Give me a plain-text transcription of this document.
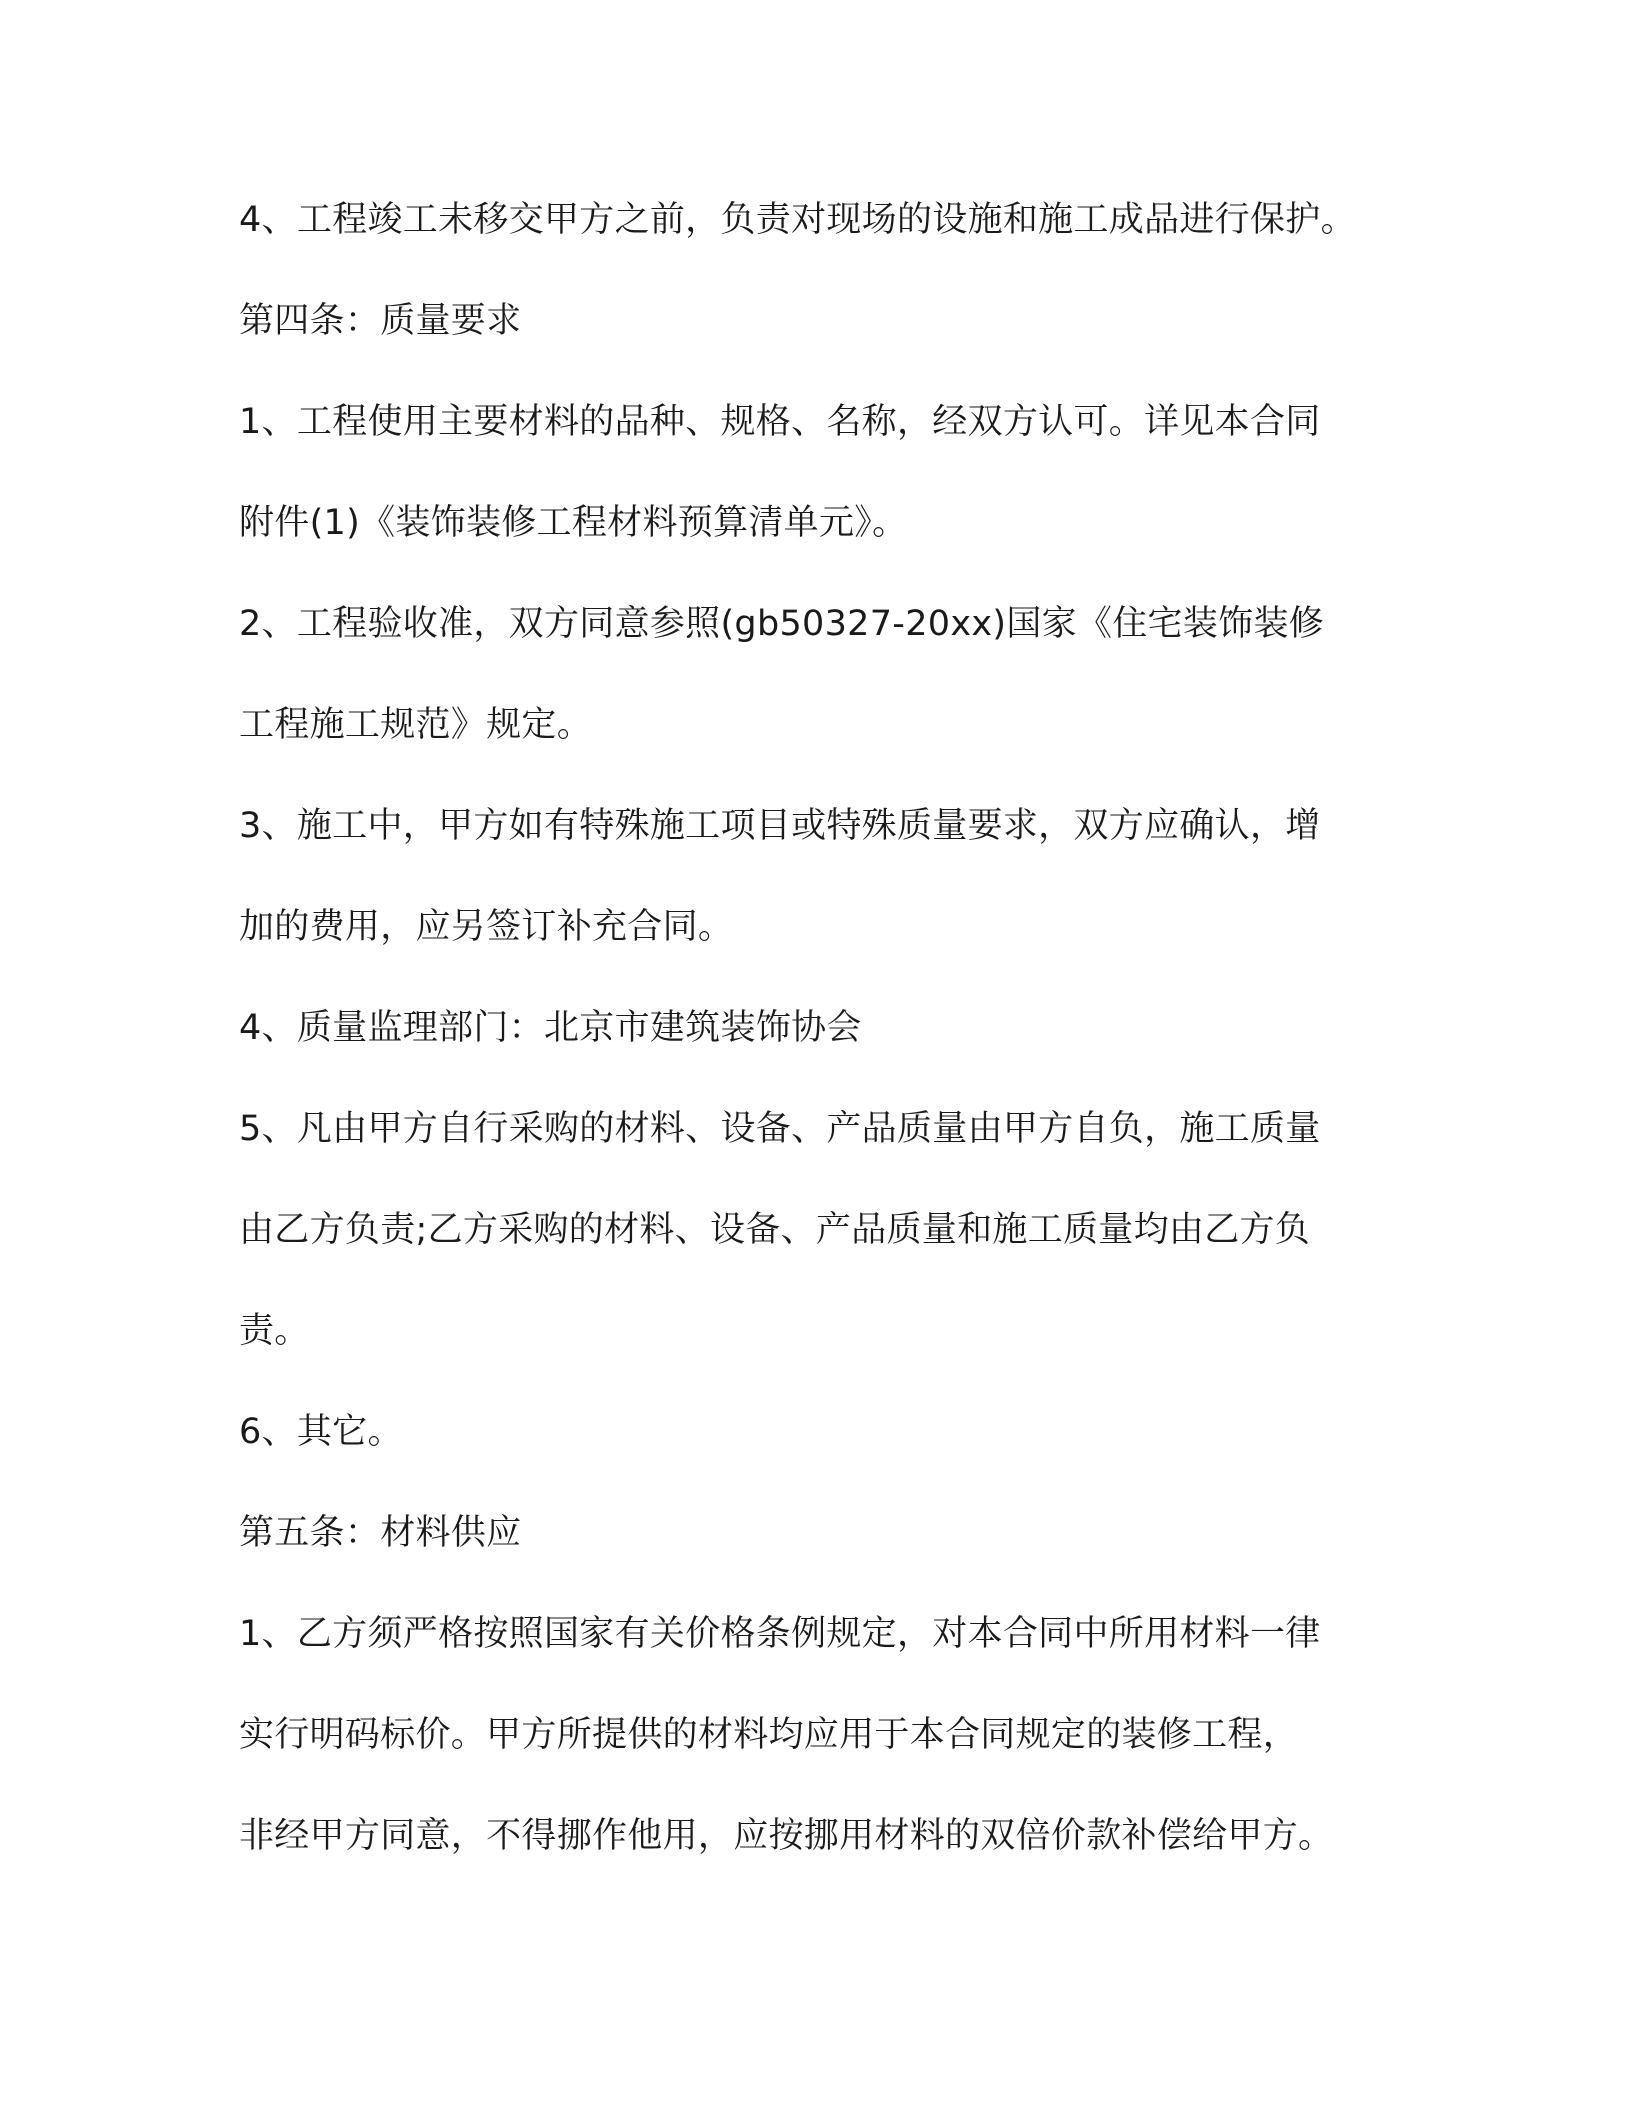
4、工程竣工未移交甲方之前，负责对现场的设施和施工成品进行保护。
第四条：质量要求
1、工程使用主要材料的品种、规格、名称，经双方认可。详见本合同
附件(1)《装饰装修工程材料预算清单元》。
2、工程验收准，双方同意参照(gb50327-20xx)国家《住宅装饰装修
工程施工规范》规定。
3、施工中，甲方如有特殊施工项目或特殊质量要求，双方应确认，增
加的费用，应另签订补充合同。
4、质量监理部门：北京市建筑装饰协会
5、凡由甲方自行采购的材料、设备、产品质量由甲方自负，施工质量
由乙方负责;乙方采购的材料、设备、产品质量和施工质量均由乙方负
责。
6、其它。
第五条：材料供应
1、乙方须严格按照国家有关价格条例规定，对本合同中所用材料一律
实行明码标价。甲方所提供的材料均应用于本合同规定的装修工程，
非经甲方同意，不得挪作他用，应按挪用材料的双倍价款补偿给甲方。
